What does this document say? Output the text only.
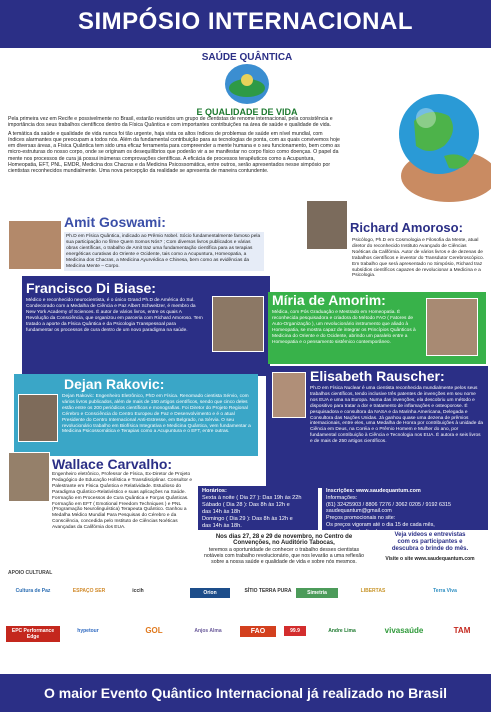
SIMPÓSIO INTERNACIONAL
SAÚDE QUÂNTICA
E QUALIDADE DE VIDA

Pela primeira vez em Recife e possivelmente no Brasil, estarão reunidos um grupo de cientistas de renome internacional, pela consistência e importância dos seus trabalhos científicos dentro da Física Quântica e com importantes contribuições na área de saúde e qualidade de vida.

A temática da saúde e qualidade de vida nunca foi tão urgente, haja vista os altos índices de problemas de saúde em nível mundial, com índices alarmantes que preocupam a todos nós. Além da fundamental contribuição para as tecnologias de ponta, com as quais convivemos hoje em diversas áreas, a Física Quântica tem sido uma eficaz ferramenta para compreender a mente humana e o seu funcionamento, bem como as micro-estruturas do nosso corpo, onde se originam os desequilíbrios que poderão vir a se manifestar no corpo físico como doenças. O papel da mente nos processos de cura já possui inúmeras comprovações científicas. A eficácia de processos terapêuticos como a Acupuntura, Homeopatia, EFT, PNL, EMDR, Medicina dos Chacras e da Medicina Psicossomática, entre outros, serão apresentados nesse simpósio por cientistas reconhecidos mundialmente. Uma nova percepção da realidade se apresenta de maneira contundente.

Amit Goswami:
Ph.D em Física Quântica, indicado ao Prêmio Nobel. Sócio fundamentalmente famoso pela sua participação no filme Quem Somos Nós? ; Com diversos livros publicados e várias obras científicas, o trabalho de Amit traz uma fundamentação científica para as terapias energéticas curativas do Oriente e Ocidente, tais como a Acupuntura, Homeopatia, a Medicina dos Chacras, a Medicina Ayurvédica e Chinesa, bem como as evidências da Medicina Mente – Corpo.
Richard Amoroso:
Psicólogo, Ph.D em Cosmologia e Filosofia da Mente, atual diretor do reconhecido Instituto Avançado de Ciências Noéticas da Califórnia. Autor de vários livros e de dezenas de trabalhos científicos e inventor do Transdutor Cerebroscópico. Em trabalho que será apresentado no Simpósio, Richard traz subsídios científicos capazes de revolucionar a Medicina e a Psicologia.
Francisco Di Biase:
Médico e reconhecido neurocientista, é o único Grand Ph.D de América do Sul. Condecorado com a Medalha de Ciência e Paz Albert Schweitzer, é membro da New York Academy of Sciences. É autor de vários livros, entre os quais A Revolução da Consciência, que organizou em parceria com Richard Amoroso. Tem tratado a aporte da Física Quântica e da Psicologia Transpessoal para fundamentar os processos de cura dentro de um novo paradigma na saúde.
Míria de Amorim:
Médica, com Pós Graduação e Mestrado em Homeopatia. É reconhecida pesquisadora e criadora do Método FAO ( Fatores de Auto-Organização ), um revolucionário instrumento que aliado à Homeopatia, se mostra capaz de integrar os Princípios Quânticos à Medicina do Oriente e do Ocidente, abrindo um paralelo entre a Homeopatia e o pensamento sistêmico contemporâneo.
Dejan Rakovic:
Dejan Rakovic: Engenheiro Eletrônico, PhD em Física. Renomado cientista Sérvio, com vários livros publicados, além de mais de 150 artigos científicos, sendo que cinco deles estão entre os 200 periódicos científicos e monografias. Foi Diretor do Projeto Regional Cérebro e Consciência do Centro Europeu de Paz e Desenvolvimento e é o atual Presidente do Centro Internacional Anti-Estresse, em Belgrado, na Sérvia. O seu revolucionário trabalho em Biofísica Integrativa e Medicina Quântica, vem fundamentar a Medicina Psicossomática e Terapias como a Acupuntura e o EFT, entre outras.
Elisabeth Rauscher:
Ph.D em Física Nuclear é uma cientista reconhecida mundialmente pelos seus trabalhos científicos, tendo inclusive três patentes de invenções em seu nome nos EUA e uma na Europa. Numa das invenções, ela descobriu um método e dispositivo para tratar a dor e tratamento de inflamações e osteoporose. É pesquisadora e consultora da NASA e da Marinha Americana, Delegada e Consultora das Nações Unidas. Já ganhou quase uma dezena de prêmios internacionais, entre eles, uma Medalha de Honra por contribuições à unidade da Ciência em Deus, na Coréia e o Prêmio Homem e Mulher do ano, por fundamental contribuição à Ciência e Tecnologia nos EUA. É autora e seis livros e de mais de 250 artigos científicos.
Wallace Carvalho:
Engenheiro eletrônico, Professor de Física, Ex-Diretor de Projeto Pedagógico de Educação Holística e Transdisciplinar. Consultor e Palestrante em Física Quântica e Relatividade. Estudioso do Paradigma Quântico-Relativístico e suas aplicações na Saúde. Formação em Processos de Cura Quântica e Forças Quânticas. Formação em EFT ( Emotional Freedom Techniques ) e PNL (Programação Neurolinguística) Terapeuta Quântico. Ganhou a Medalha Médico Mundial Para Pesquisas do Cérebro e da Consciência, concedida pelo Instituto de Ciências Noéticas Avançadas da Califórnia dos EUA.
Horários:
Sexta à noite ( Dia 27 ): Das 19h às 22h
Sábado ( Dia 28 ): Das 8h às 12h e
das 14h às 18h
Domingo ( Dia 29 ): Das 8h às 12h e
das 14h às 18h.
Inscrições: www.saudequantum.com
Informações:
(81) 32425903 / 8806 7276 / 3062 0205 / 9192 6315
saudequantum@gmail.com
Preços promocionais no site:
Os preços vigoram até o dia 15 de cada mês,
quando são atualizados.
Nos dias 27, 28 e 29 de novembro, no Centro de
Convenções, no Auditório Tabocas,
teremos a oportunidade de conhecer o trabalho desses cientistas notáveis com trabalho revolucionário, que nos levarão a uma reflexão sobre a nossa saúde e qualidade de vida e sobre nós mesmos.
Veja vídeos e entrevistas
com os participantes e
descubra o brinde do mês.
Visite o site www.saudequantum.com
APOIO CULTURAL
Cultura de Paz	ESPAÇO SER	iccih	Orion	SÍTIO TERRA PURA	Simetria	LIBERTAS	Terra Viva
EPC Performance Edge
hypetour	GOL	Anjos Alma	FAO	99.9	Andre Lima	vivasaúde	TAM
O maior Evento Quântico Internacional já realizado no Brasil
